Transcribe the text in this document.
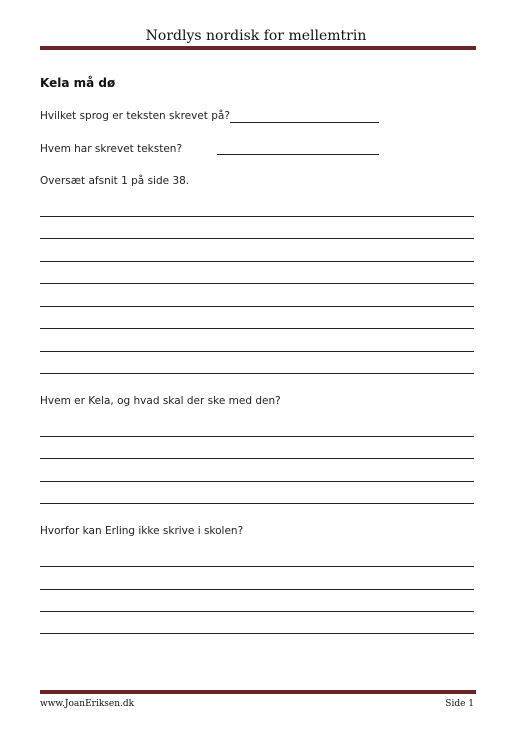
Nordlys nordisk for mellemtrin
Kela må dø
Hvilket sprog er teksten skrevet på?
Hvem har skrevet teksten?
Oversæt afsnit 1 på side 38.
Hvem er Kela, og hvad skal der ske med den?
Hvorfor kan Erling ikke skrive i skolen?
www.JoanEriksen.dk	Side 1
